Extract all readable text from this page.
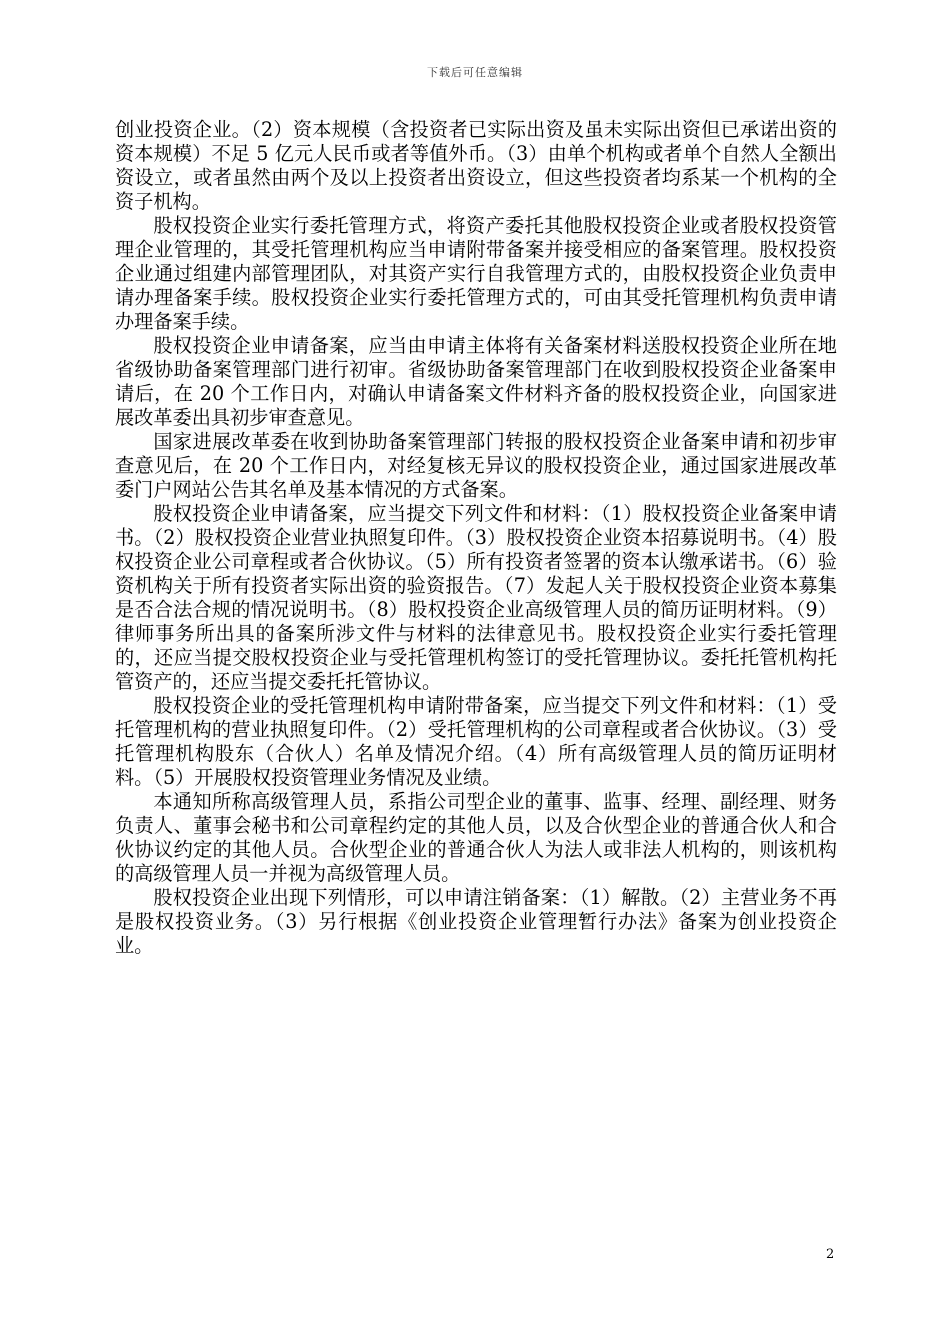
下载后可任意编辑

创业投资企业。（2）资本规模（含投资者已实际出资及虽未实际出资但已承诺出资的资本规模）不足 5 亿元人民币或者等值外币。（3）由单个机构或者单个自然人全额出资设立，或者虽然由两个及以上投资者出资设立，但这些投资者均系某一个机构的全资子机构。

股权投资企业实行委托管理方式，将资产委托其他股权投资企业或者股权投资管理企业管理的，其受托管理机构应当申请附带备案并接受相应的备案管理。股权投资企业通过组建内部管理团队，对其资产实行自我管理方式的，由股权投资企业负责申请办理备案手续。股权投资企业实行委托管理方式的，可由其受托管理机构负责申请办理备案手续。

股权投资企业申请备案，应当由申请主体将有关备案材料送股权投资企业所在地省级协助备案管理部门进行初审。省级协助备案管理部门在收到股权投资企业备案申请后，在 20 个工作日内，对确认申请备案文件材料齐备的股权投资企业，向国家进展改革委出具初步审查意见。

国家进展改革委在收到协助备案管理部门转报的股权投资企业备案申请和初步审查意见后，在 20 个工作日内，对经复核无异议的股权投资企业，通过国家进展改革委门户网站公告其名单及基本情况的方式备案。

股权投资企业申请备案，应当提交下列文件和材料：（1）股权投资企业备案申请书。（2）股权投资企业营业执照复印件。（3）股权投资企业资本招募说明书。（4）股权投资企业公司章程或者合伙协议。（5）所有投资者签署的资本认缴承诺书。（6）验资机构关于所有投资者实际出资的验资报告。（7）发起人关于股权投资企业资本募集是否合法合规的情况说明书。（8）股权投资企业高级管理人员的简历证明材料。（9）律师事务所出具的备案所涉文件与材料的法律意见书。股权投资企业实行委托管理的，还应当提交股权投资企业与受托管理机构签订的受托管理协议。委托托管机构托管资产的，还应当提交委托托管协议。

股权投资企业的受托管理机构申请附带备案，应当提交下列文件和材料：（1）受托管理机构的营业执照复印件。（2）受托管理机构的公司章程或者合伙协议。（3）受托管理机构股东（合伙人）名单及情况介绍。（4）所有高级管理人员的简历证明材料。（5）开展股权投资管理业务情况及业绩。

本通知所称高级管理人员，系指公司型企业的董事、监事、经理、副经理、财务负责人、董事会秘书和公司章程约定的其他人员，以及合伙型企业的普通合伙人和合伙协议约定的其他人员。合伙型企业的普通合伙人为法人或非法人机构的，则该机构的高级管理人员一并视为高级管理人员。

股权投资企业出现下列情形，可以申请注销备案：（1）解散。（2）主营业务不再是股权投资业务。（3）另行根据《创业投资企业管理暂行办法》备案为创业投资企业。

2
